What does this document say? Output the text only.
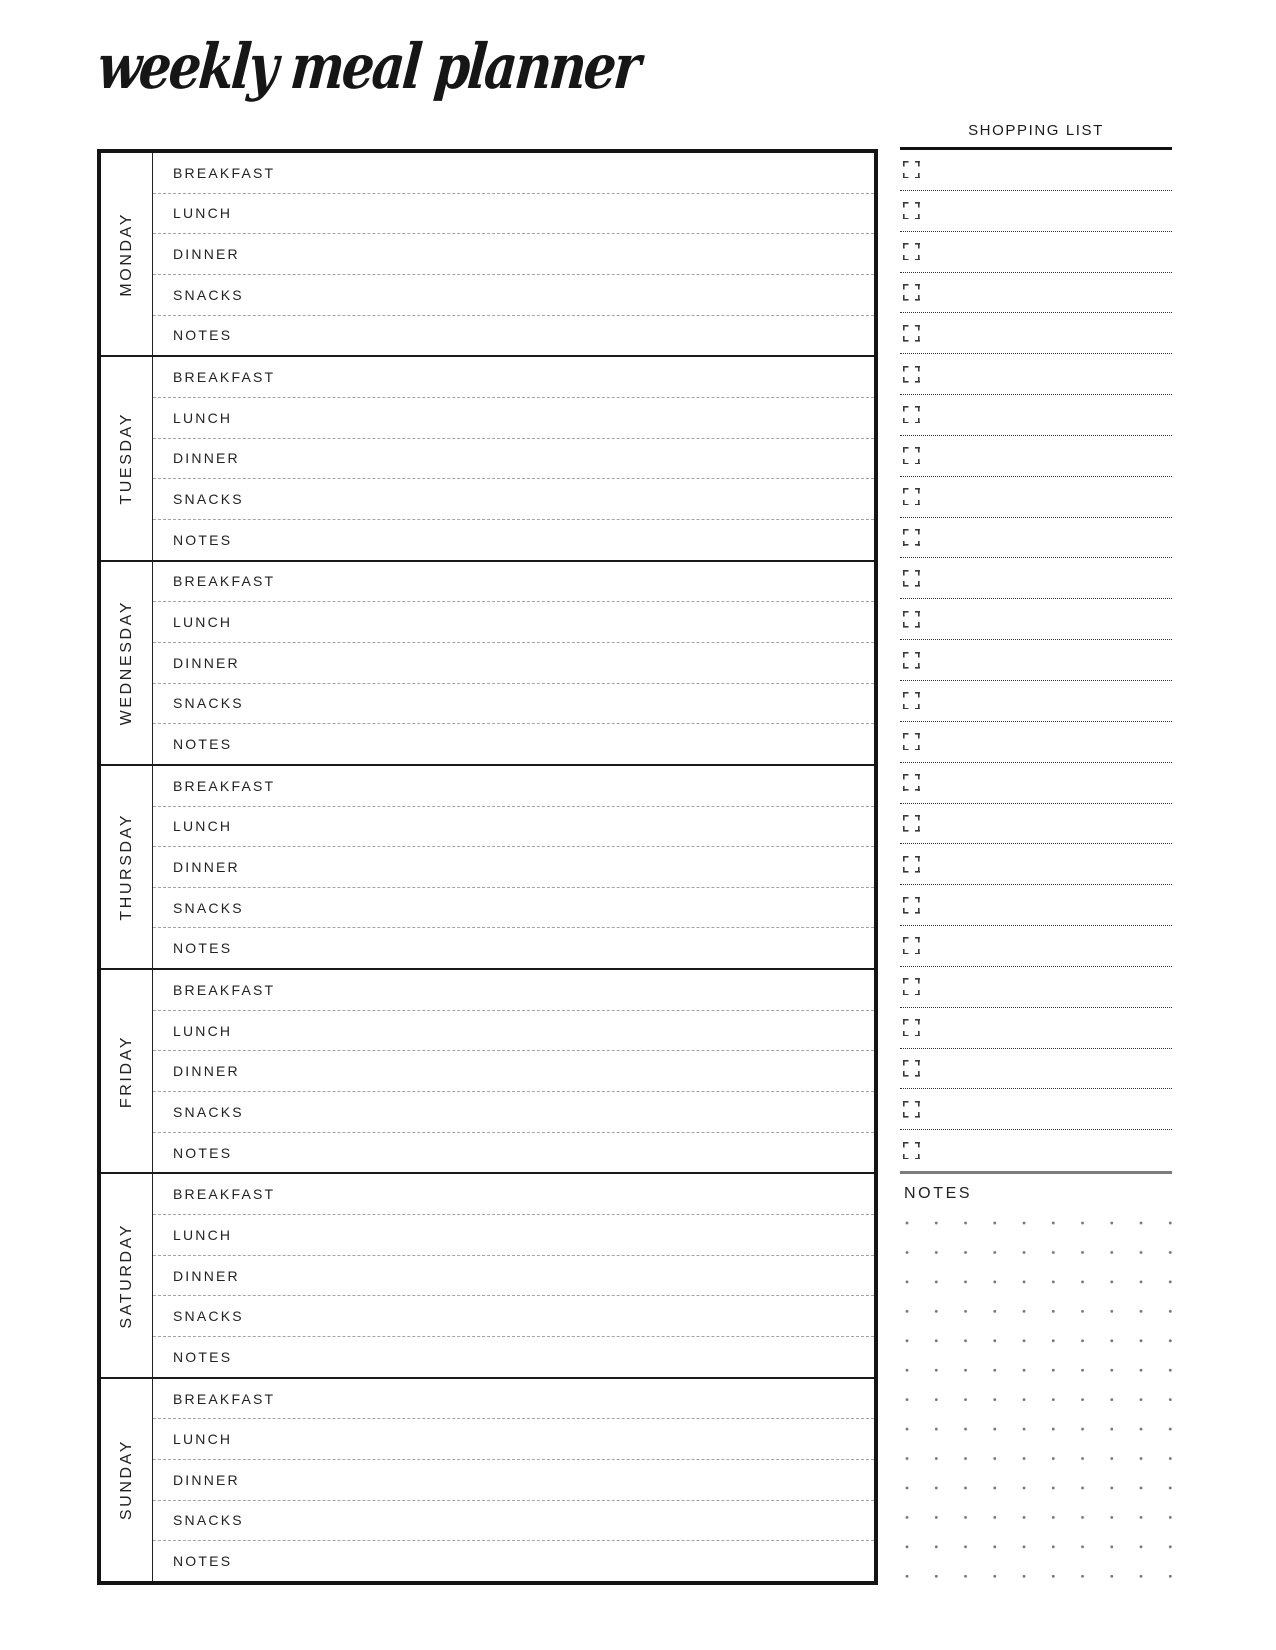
weekly meal planner
MONDAY
BREAKFAST
LUNCH
DINNER
SNACKS
NOTES
TUESDAY
BREAKFAST
LUNCH
DINNER
SNACKS
NOTES
WEDNESDAY
BREAKFAST
LUNCH
DINNER
SNACKS
NOTES
THURSDAY
BREAKFAST
LUNCH
DINNER
SNACKS
NOTES
FRIDAY
BREAKFAST
LUNCH
DINNER
SNACKS
NOTES
SATURDAY
BREAKFAST
LUNCH
DINNER
SNACKS
NOTES
SUNDAY
BREAKFAST
LUNCH
DINNER
SNACKS
NOTES
SHOPPING LIST
NOTES
